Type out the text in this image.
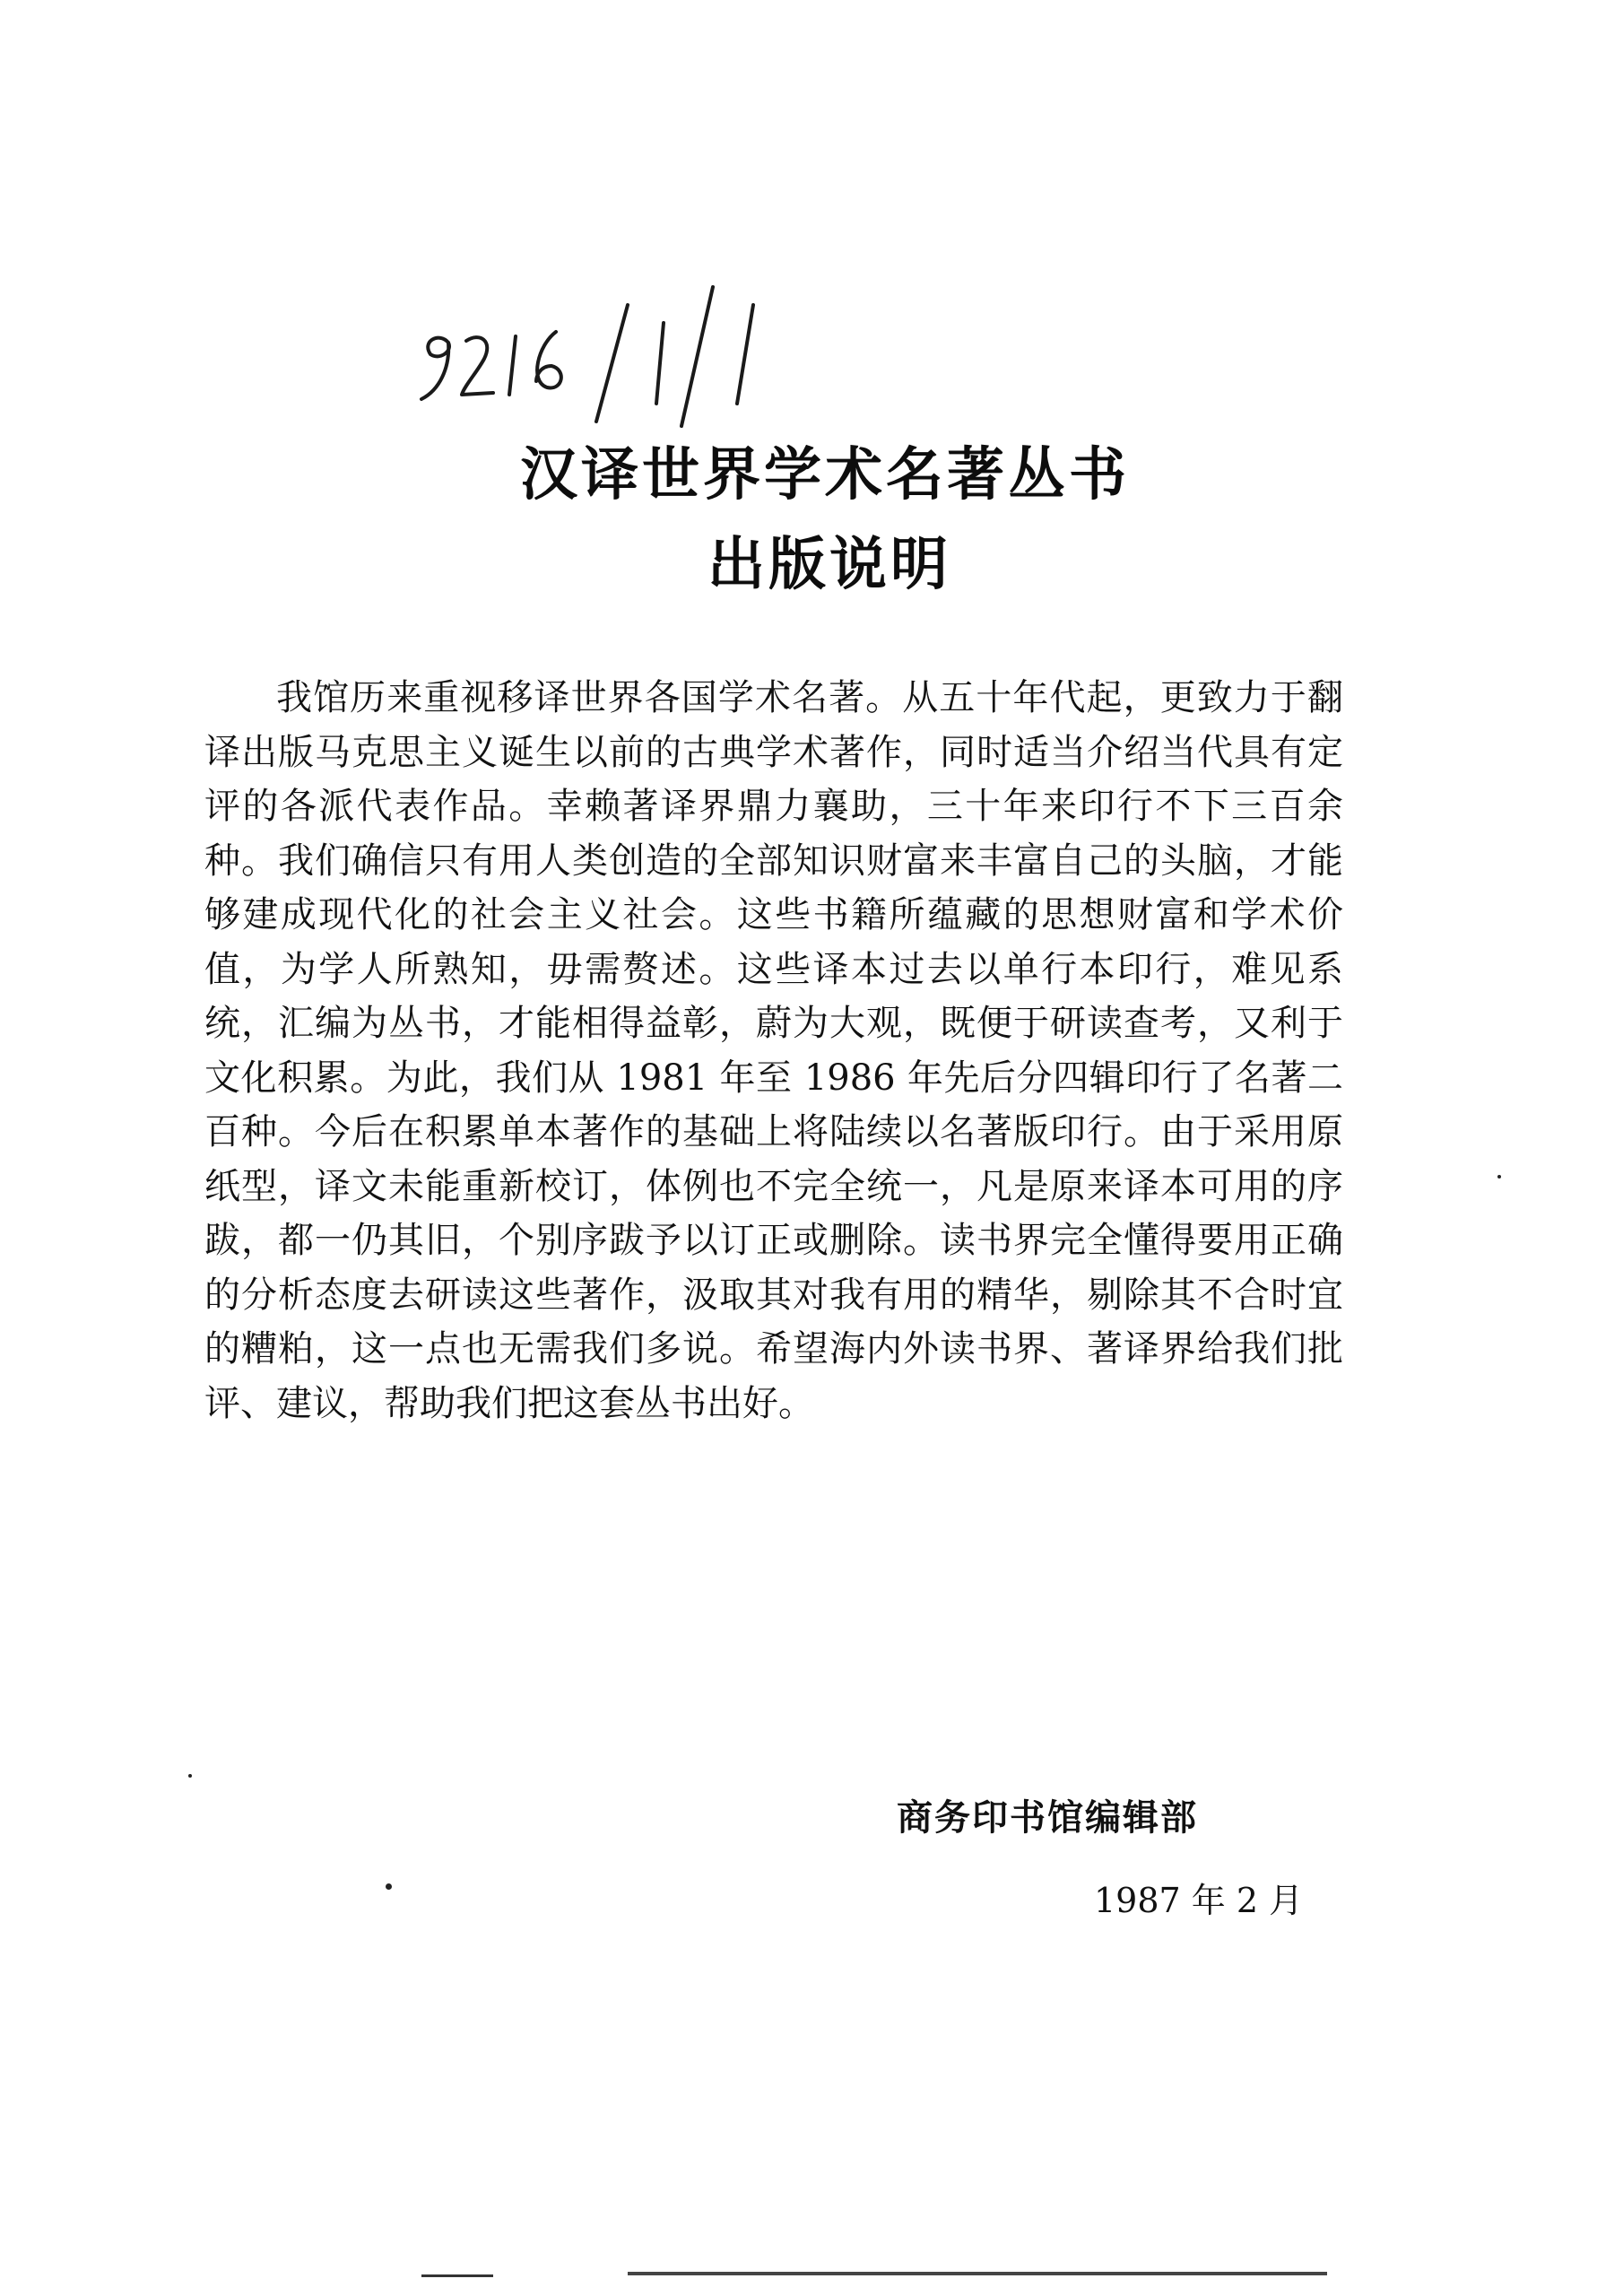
汉译世界学术名著丛书
出版说明

我馆历来重视移译世界各国学术名著。从五十年代起，更致力于翻译出版马克思主义诞生以前的古典学术著作，同时适当介绍当代具有定评的各派代表作品。幸赖著译界鼎力襄助，三十年来印行不下三百余种。我们确信只有用人类创造的全部知识财富来丰富自己的头脑，才能够建成现代化的社会主义社会。这些书籍所蕴藏的思想财富和学术价值，为学人所熟知，毋需赘述。这些译本过去以单行本印行，难见系统，汇编为丛书，才能相得益彰，蔚为大观，既便于研读查考，又利于文化积累。为此，我们从 1981 年至 1986 年先后分四辑印行了名著二百种。今后在积累单本著作的基础上将陆续以名著版印行。由于采用原纸型，译文未能重新校订，体例也不完全统一，凡是原来译本可用的序跋，都一仍其旧，个别序跋予以订正或删除。读书界完全懂得要用正确的分析态度去研读这些著作，汲取其对我有用的精华，剔除其不合时宜的糟粕，这一点也无需我们多说。希望海内外读书界、著译界给我们批评、建议，帮助我们把这套丛书出好。

商务印书馆编辑部
1987 年 2 月
